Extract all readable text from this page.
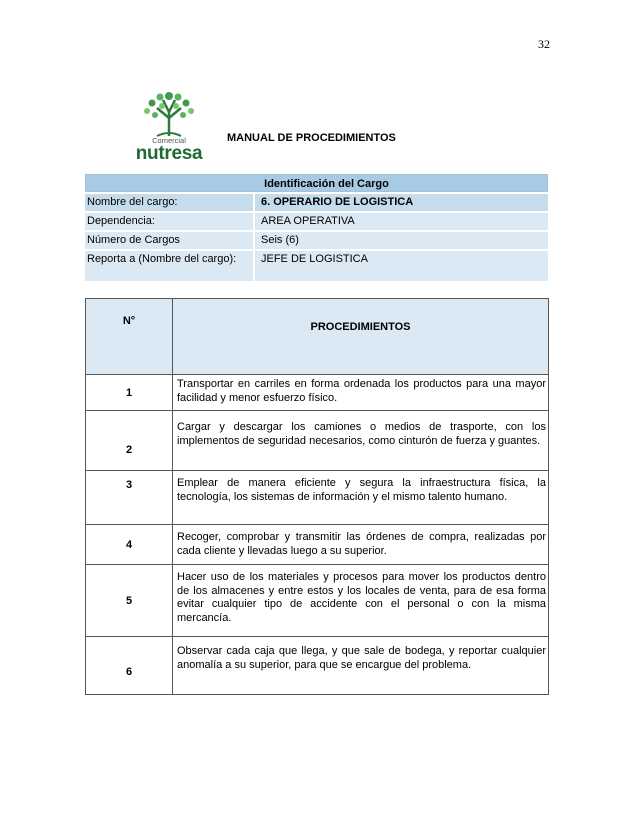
32
Comercial
nutresa
MANUAL DE PROCEDIMIENTOS
Identificación del Cargo
Nombre del cargo:	6. OPERARIO DE LOGISTICA
Dependencia:	AREA OPERATIVA
Número de Cargos	Seis (6)
Reporta a (Nombre del cargo):	JEFE DE LOGISTICA
N°	PROCEDIMIENTOS
1	Transportar en carriles en forma ordenada los productos para una mayor facilidad y menor esfuerzo físico.
2	Cargar y descargar los camiones o medios de trasporte, con los implementos de seguridad necesarios, como cinturón de fuerza y guantes.
3	Emplear de manera eficiente y segura la infraestructura física, la tecnología, los sistemas de información y el mismo talento humano.
4	Recoger, comprobar y transmitir las órdenes de compra, realizadas por cada cliente y llevadas luego a su superior.
5	Hacer uso de los materiales y procesos para mover los productos dentro de los almacenes y entre estos y los locales de venta, para de esa forma evitar cualquier tipo de accidente con el personal o con la misma mercancía.
6	Observar cada caja que llega, y que sale de bodega, y reportar cualquier anomalía a su superior, para que se encargue del problema.
